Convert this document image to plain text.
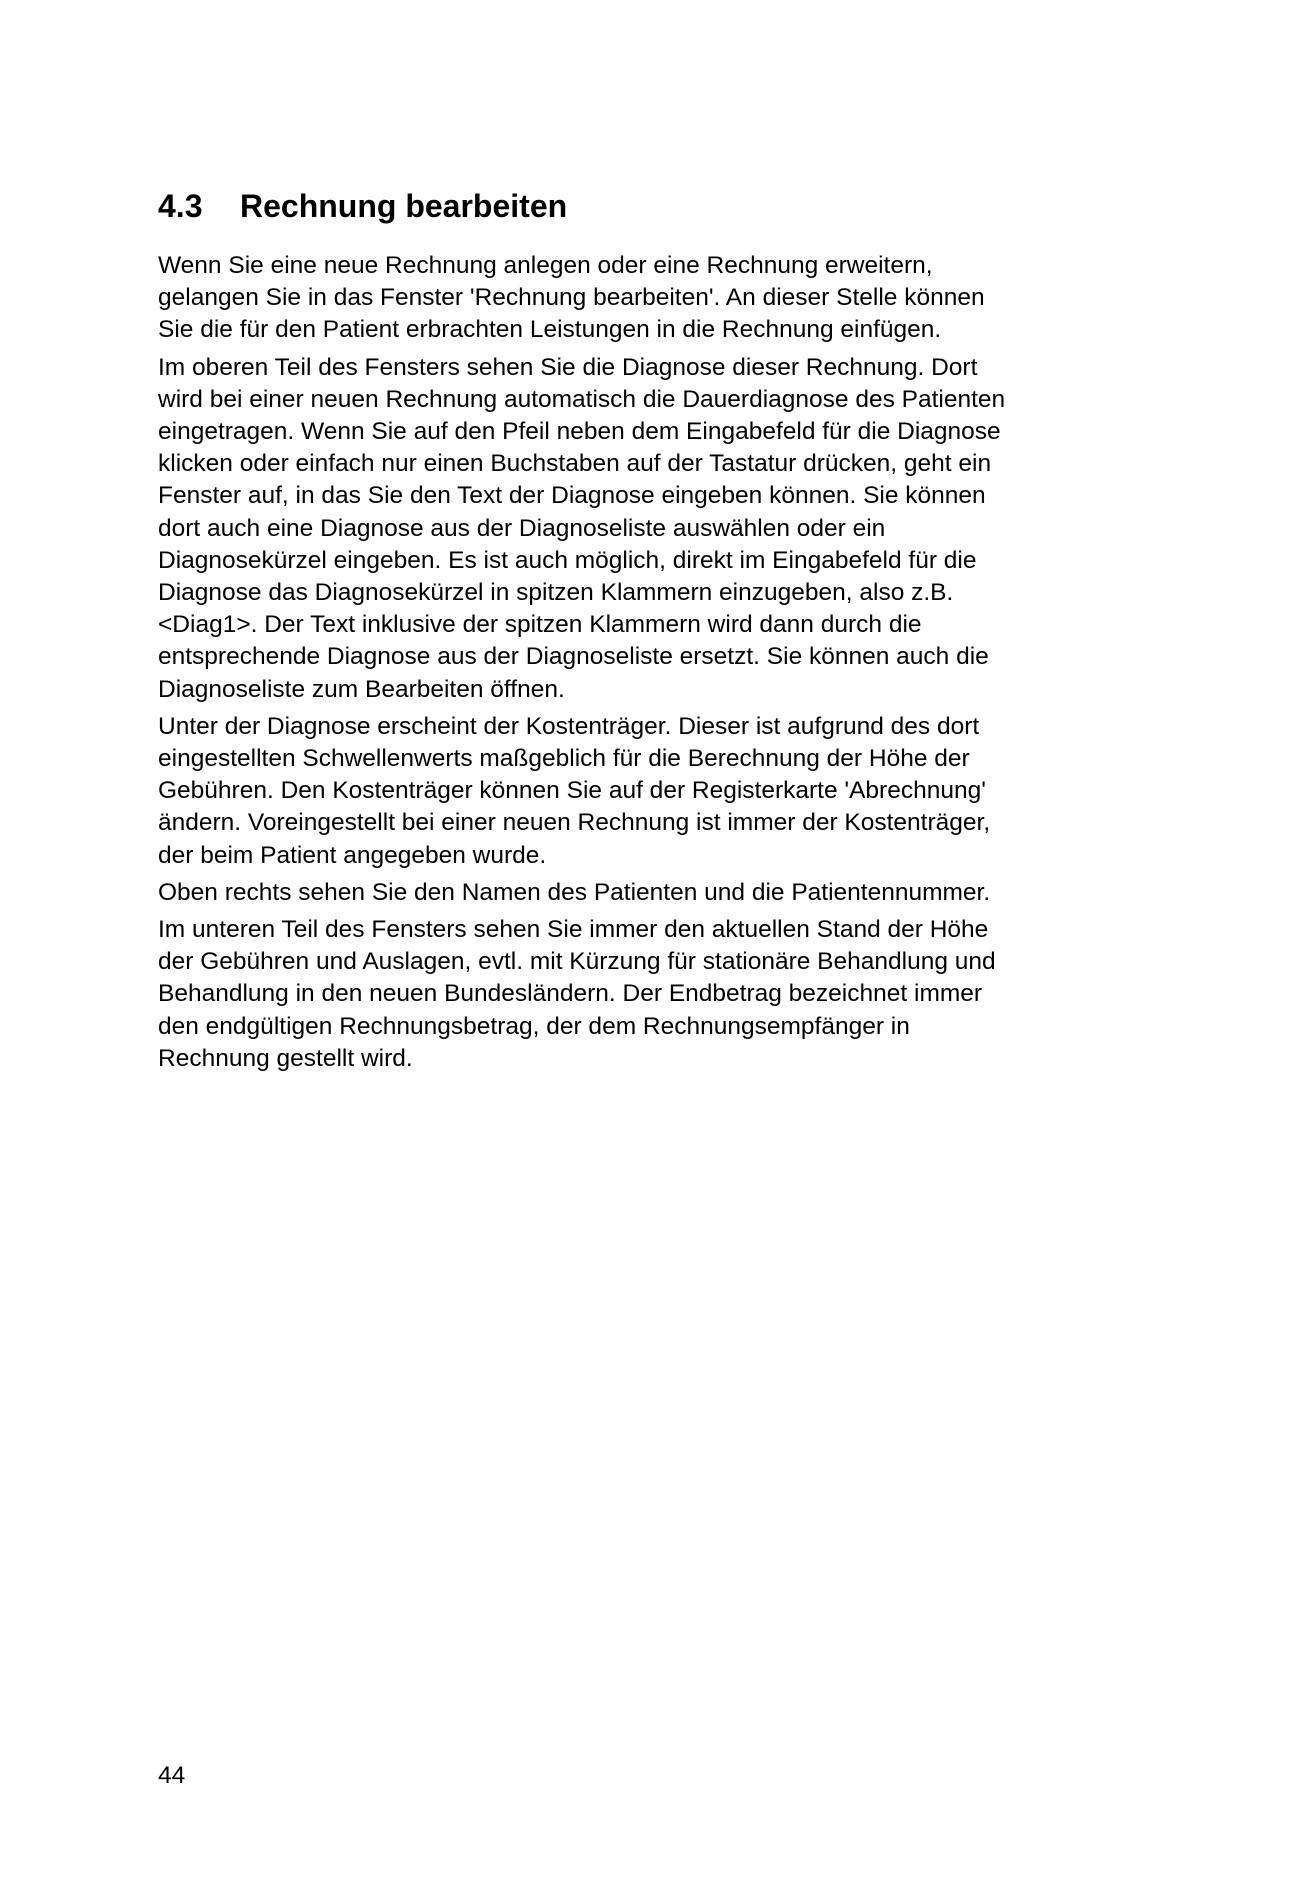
4.3 Rechnung bearbeiten

Wenn Sie eine neue Rechnung anlegen oder eine Rechnung erweitern,
gelangen Sie in das Fenster 'Rechnung bearbeiten'. An dieser Stelle können
Sie die für den Patient erbrachten Leistungen in die Rechnung einfügen.

Im oberen Teil des Fensters sehen Sie die Diagnose dieser Rechnung. Dort
wird bei einer neuen Rechnung automatisch die Dauerdiagnose des Patienten
eingetragen. Wenn Sie auf den Pfeil neben dem Eingabefeld für die Diagnose
klicken oder einfach nur einen Buchstaben auf der Tastatur drücken, geht ein
Fenster auf, in das Sie den Text der Diagnose eingeben können. Sie können
dort auch eine Diagnose aus der Diagnoseliste auswählen oder ein
Diagnosekürzel eingeben. Es ist auch möglich, direkt im Eingabefeld für die
Diagnose das Diagnosekürzel in spitzen Klammern einzugeben, also z.B.
<Diag1>. Der Text inklusive der spitzen Klammern wird dann durch die
entsprechende Diagnose aus der Diagnoseliste ersetzt. Sie können auch die
Diagnoseliste zum Bearbeiten öffnen.

Unter der Diagnose erscheint der Kostenträger. Dieser ist aufgrund des dort
eingestellten Schwellenwerts maßgeblich für die Berechnung der Höhe der
Gebühren. Den Kostenträger können Sie auf der Registerkarte 'Abrechnung'
ändern. Voreingestellt bei einer neuen Rechnung ist immer der Kostenträger,
der beim Patient angegeben wurde.

Oben rechts sehen Sie den Namen des Patienten und die Patientennummer.

Im unteren Teil des Fensters sehen Sie immer den aktuellen Stand der Höhe
der Gebühren und Auslagen, evtl. mit Kürzung für stationäre Behandlung und
Behandlung in den neuen Bundesländern. Der Endbetrag bezeichnet immer
den endgültigen Rechnungsbetrag, der dem Rechnungsempfänger in
Rechnung gestellt wird.

44
